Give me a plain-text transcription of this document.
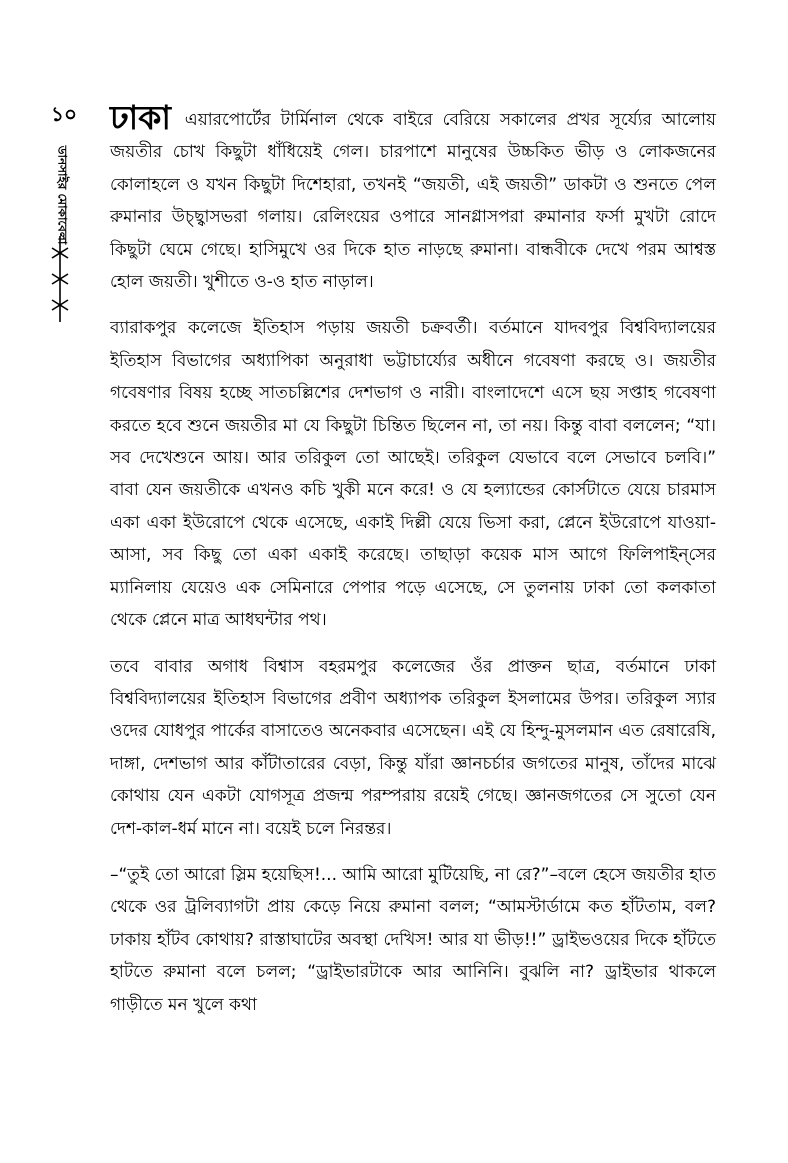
১০
ডানসাইর মোকাবেলা

ঢাকা এয়ারপোর্টের টার্মিনাল থেকে বাইরে বেরিয়ে সকালের প্রখর সূর্য্যের আলোয় জয়তীর চোখ কিছুটা ধাঁধিয়েই গেল। চারপাশে মানুষের উচ্চকিত ভীড় ও লোকজনের কোলাহলে ও যখন কিছুটা দিশেহারা, তখনই “জয়তী, এই জয়তী” ডাকটা ও শুনতে পেল রুমানার উচ্ছ্বাসভরা গলায়। রেলিংয়ের ওপারে সানগ্লাসপরা রুমানার ফর্সা মুখটা রোদে কিছুটা ঘেমে গেছে। হাসিমুখে ওর দিকে হাত নাড়ছে রুমানা। বান্ধবীকে দেখে পরম আশ্বস্ত হোল জয়তী। খুশীতে ও-ও হাত নাড়াল।

ব্যারাকপুর কলেজে ইতিহাস পড়ায় জয়তী চক্রবর্তী। বর্তমানে যাদবপুর বিশ্ববিদ্যালয়ের ইতিহাস বিভাগের অধ্যাপিকা অনুরাধা ভট্টাচার্য্যের অধীনে গবেষণা করছে ও। জয়তীর গবেষণার বিষয় হচ্ছে সাতচল্লিশের দেশভাগ ও নারী। বাংলাদেশে এসে ছয় সপ্তাহ গবেষণা করতে হবে শুনে জয়তীর মা যে কিছুটা চিন্তিত ছিলেন না, তা নয়। কিন্তু বাবা বললেন; “যা। সব দেখেশুনে আয়। আর তরিকুল তো আছেই। তরিকুল যেভাবে বলে সেভাবে চলবি।” বাবা যেন জয়তীকে এখনও কচি খুকী মনে করে! ও যে হল্যান্ডের কোর্সটাতে যেয়ে চারমাস একা একা ইউরোপে থেকে এসেছে, একাই দিল্লী যেয়ে ভিসা করা, প্লেনে ইউরোপে যাওয়া-আসা, সব কিছু তো একা একাই করেছে। তাছাড়া কয়েক মাস আগে ফিলিপাইন্‌সের ম্যানিলায় যেয়েও এক সেমিনারে পেপার পড়ে এসেছে, সে তুলনায় ঢাকা তো কলকাতা থেকে প্লেনে মাত্র আধঘন্টার পথ।

তবে বাবার অগাধ বিশ্বাস বহরমপুর কলেজের ওঁর প্রাক্তন ছাত্র, বর্তমানে ঢাকা বিশ্ববিদ্যালয়ের ইতিহাস বিভাগের প্রবীণ অধ্যাপক তরিকুল ইসলামের উপর। তরিকুল স্যার ওদের যোধপুর পার্কের বাসাতেও অনেকবার এসেছেন। এই যে হিন্দু-মুসলমান এত রেষারেষি, দাঙ্গা, দেশভাগ আর কাঁটাতারের বেড়া, কিন্তু যাঁরা জ্ঞানচর্চার জগতের মানুষ, তাঁদের মাঝে কোথায় যেন একটা যোগসূত্র প্রজন্ম পরম্পরায় রয়েই গেছে। জ্ঞানজগতের সে সুতো যেন দেশ-কাল-ধর্ম মানে না। বয়েই চলে নিরন্তর।

–“তুই তো আরো স্লিম হয়েছিস!... আমি আরো মুটিয়েছি, না রে?”–বলে হেসে জয়তীর হাত থেকে ওর ট্রলিব্যাগটা প্রায় কেড়ে নিয়ে রুমানা বলল; “আমস্টার্ডামে কত হাঁটতাম, বল? ঢাকায় হাঁটব কোথায়? রাস্তাঘাটের অবস্থা দেখিস! আর যা ভীড়!!” ড্রাইভওয়ের দিকে হাঁটতে হাটতে রুমানা বলে চলল; “ড্রাইভারটাকে আর আনিনি। বুঝলি না? ড্রাইভার থাকলে গাড়ীতে মন খুলে কথা
